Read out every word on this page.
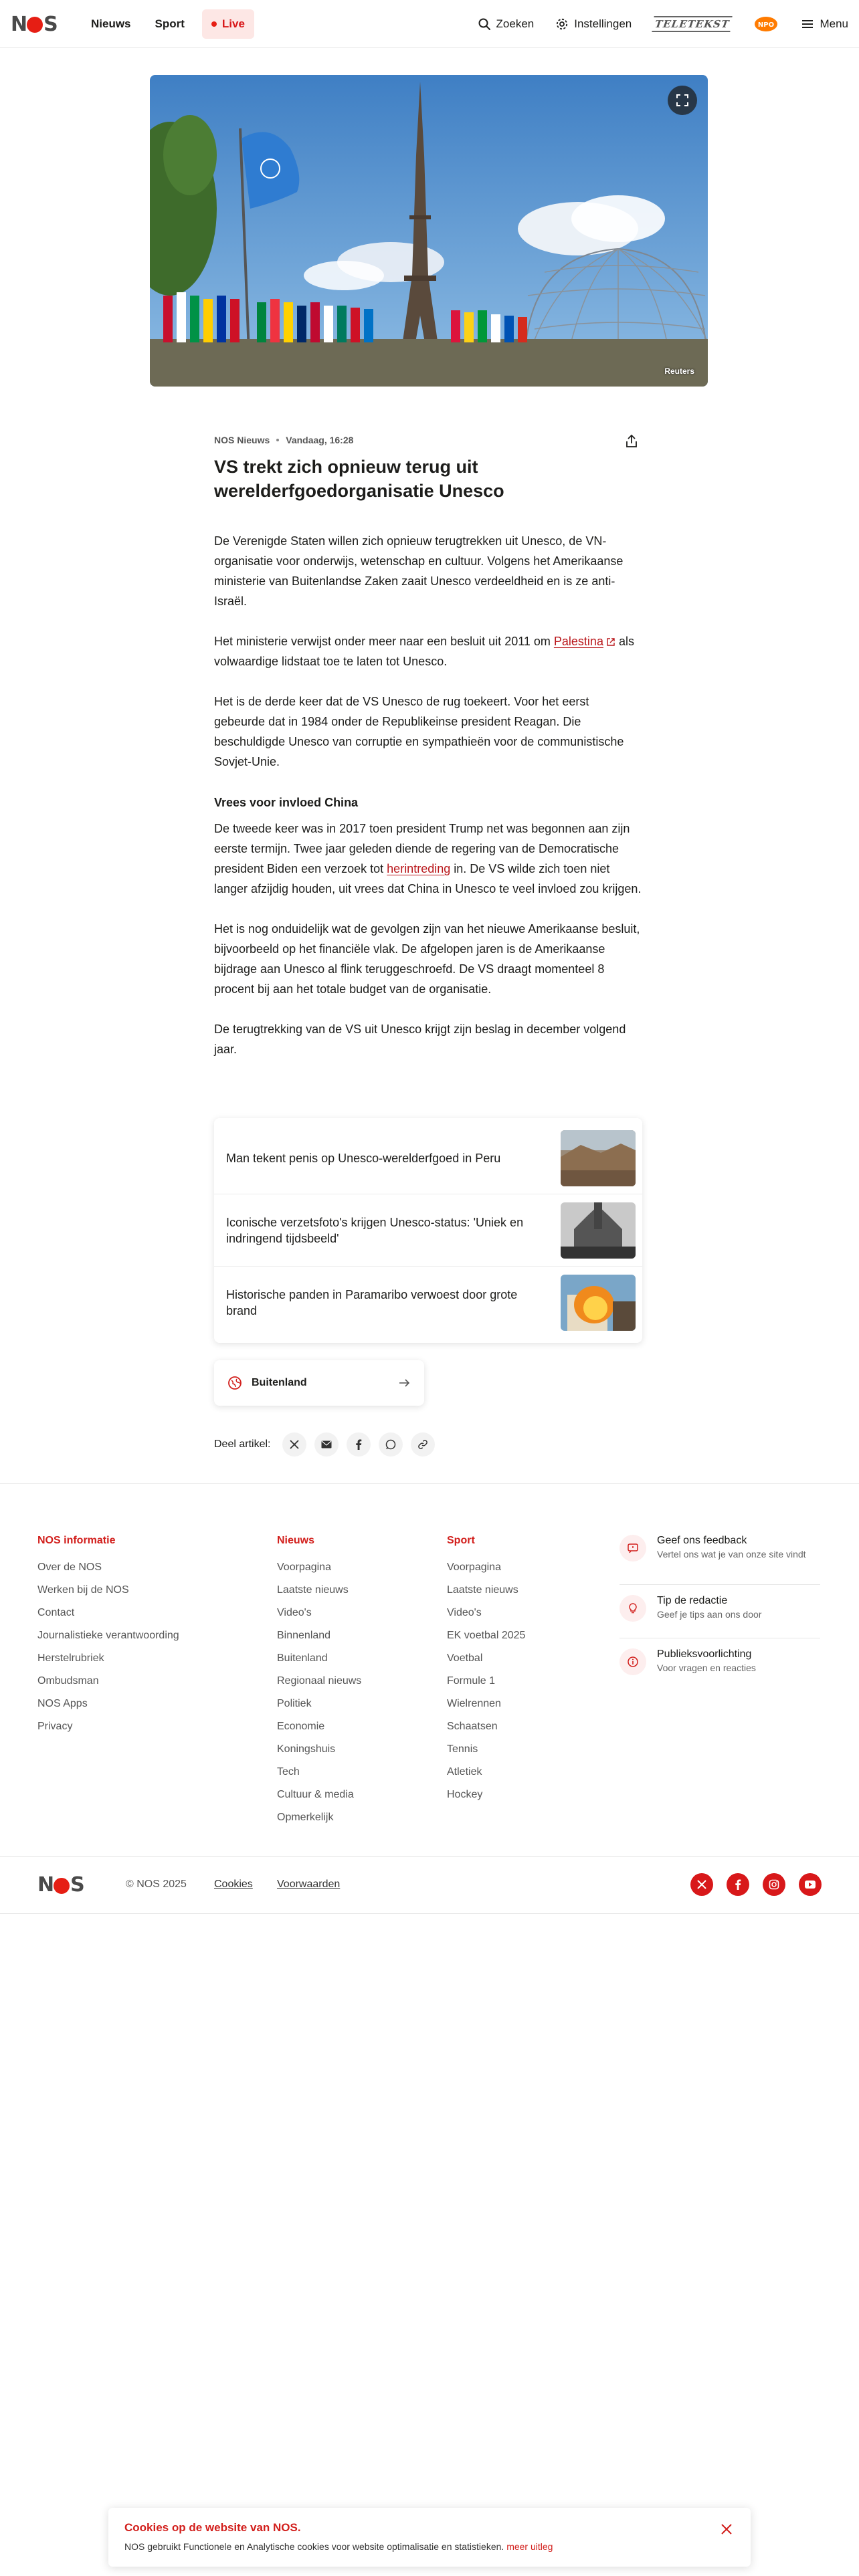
N S	Nieuws	Sport	Live	Zoeken	Instellingen TELETEKST	NPO	Menu
Reuters
NOS Nieuws Vandaag, 16:28
VS trekt zich opnieuw terug uit werelderfgoedorganisatie Unesco

De Verenigde Staten willen zich opnieuw terugtrekken uit Unesco, de VN-organisatie voor onderwijs, wetenschap en cultuur. Volgens het Amerikaanse ministerie van Buitenlandse Zaken zaait Unesco verdeeldheid en is ze anti-Israël.

Het ministerie verwijst onder meer naar een besluit uit 2011 om Palestina als volwaardige lidstaat toe te laten tot Unesco.

Het is de derde keer dat de VS Unesco de rug toekeert. Voor het eerst gebeurde dat in 1984 onder de Republikeinse president Reagan. Die beschuldigde Unesco van corruptie en sympathieën voor de communistische Sovjet-Unie.

Vrees voor invloed China

De tweede keer was in 2017 toen president Trump net was begonnen aan zijn eerste termijn. Twee jaar geleden diende de regering van de Democratische president Biden een verzoek tot herintreding in. De VS wilde zich toen niet langer afzijdig houden, uit vrees dat China in Unesco te veel invloed zou krijgen.

Het is nog onduidelijk wat de gevolgen zijn van het nieuwe Amerikaanse besluit, bijvoorbeeld op het financiële vlak. De afgelopen jaren is de Amerikaanse bijdrage aan Unesco al flink teruggeschroefd. De VS draagt momenteel 8 procent bij aan het totale budget van de organisatie.

De terugtrekking van de VS uit Unesco krijgt zijn beslag in december volgend jaar.

Man tekent penis op Unesco-werelderfgoed in Peru
Iconische verzetsfoto's krijgen Unesco-status: 'Uniek en indringend tijdsbeeld'
Historische panden in Paramaribo verwoest door grote brand
Buitenland
Deel artikel:
NOS informatie
Over de NOS
Werken bij de NOS
Contact
Journalistieke verantwoording
Herstelrubriek
Ombudsman
NOS Apps
Privacy
Nieuws
Voorpagina
Laatste nieuws
Video's
Binnenland
Buitenland
Regionaal nieuws
Politiek
Economie
Koningshuis
Tech
Cultuur & media
Opmerkelijk
Sport
Voorpagina
Laatste nieuws
Video's
EK voetbal 2025
Voetbal
Formule 1
Wielrennen
Schaatsen
Tennis
Atletiek
Hockey
Geef ons feedback
Vertel ons wat je van onze site vindt
Tip de redactie
Geef je tips aan ons door
Publieksvoorlichting
Voor vragen en reacties
N S	© NOS 2025	Cookies Voorwaarden
Cookies op de website van NOS.
NOS gebruikt Functionele en Analytische cookies voor website optimalisatie en statistieken. meer uitleg
